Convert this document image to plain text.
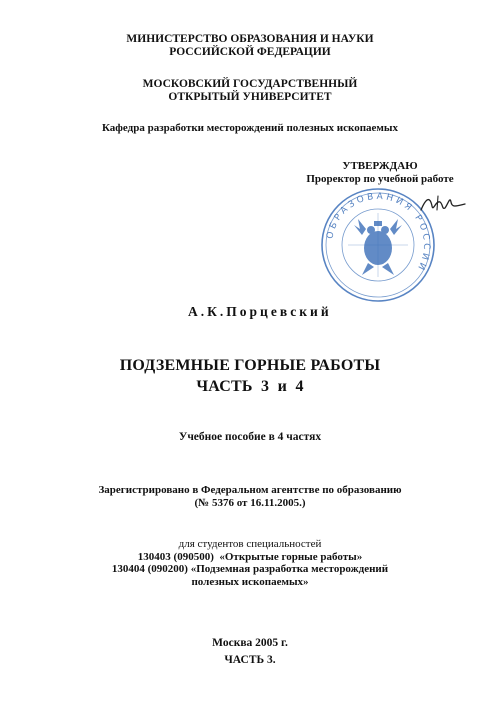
МИНИСТЕРСТВО ОБРАЗОВАНИЯ И НАУКИ
РОССИЙСКОЙ ФЕДЕРАЦИИ
МОСКОВСКИЙ ГОСУДАРСТВЕННЫЙ
ОТКРЫТЫЙ УНИВЕРСИТЕТ
Кафедра разработки месторождений полезных ископаемых
УТВЕРЖДАЮ
Проректор по учебной работе
ОБРАЗОВАНИЯ РОССИИ
А.К.Порцевский
ПОДЗЕМНЫЕ ГОРНЫЕ РАБОТЫ
ЧАСТЬ  3  и  4
Учебное пособие в 4 частях
Зарегистрировано в Федеральном агентстве по образованию
(№ 5376 от 16.11.2005.)
для студентов специальностей
130403 (090500)  «Открытые горные работы»
130404 (090200) «Подземная разработка месторождений
полезных ископаемых»
Москва 2005 г.
ЧАСТЬ 3.
